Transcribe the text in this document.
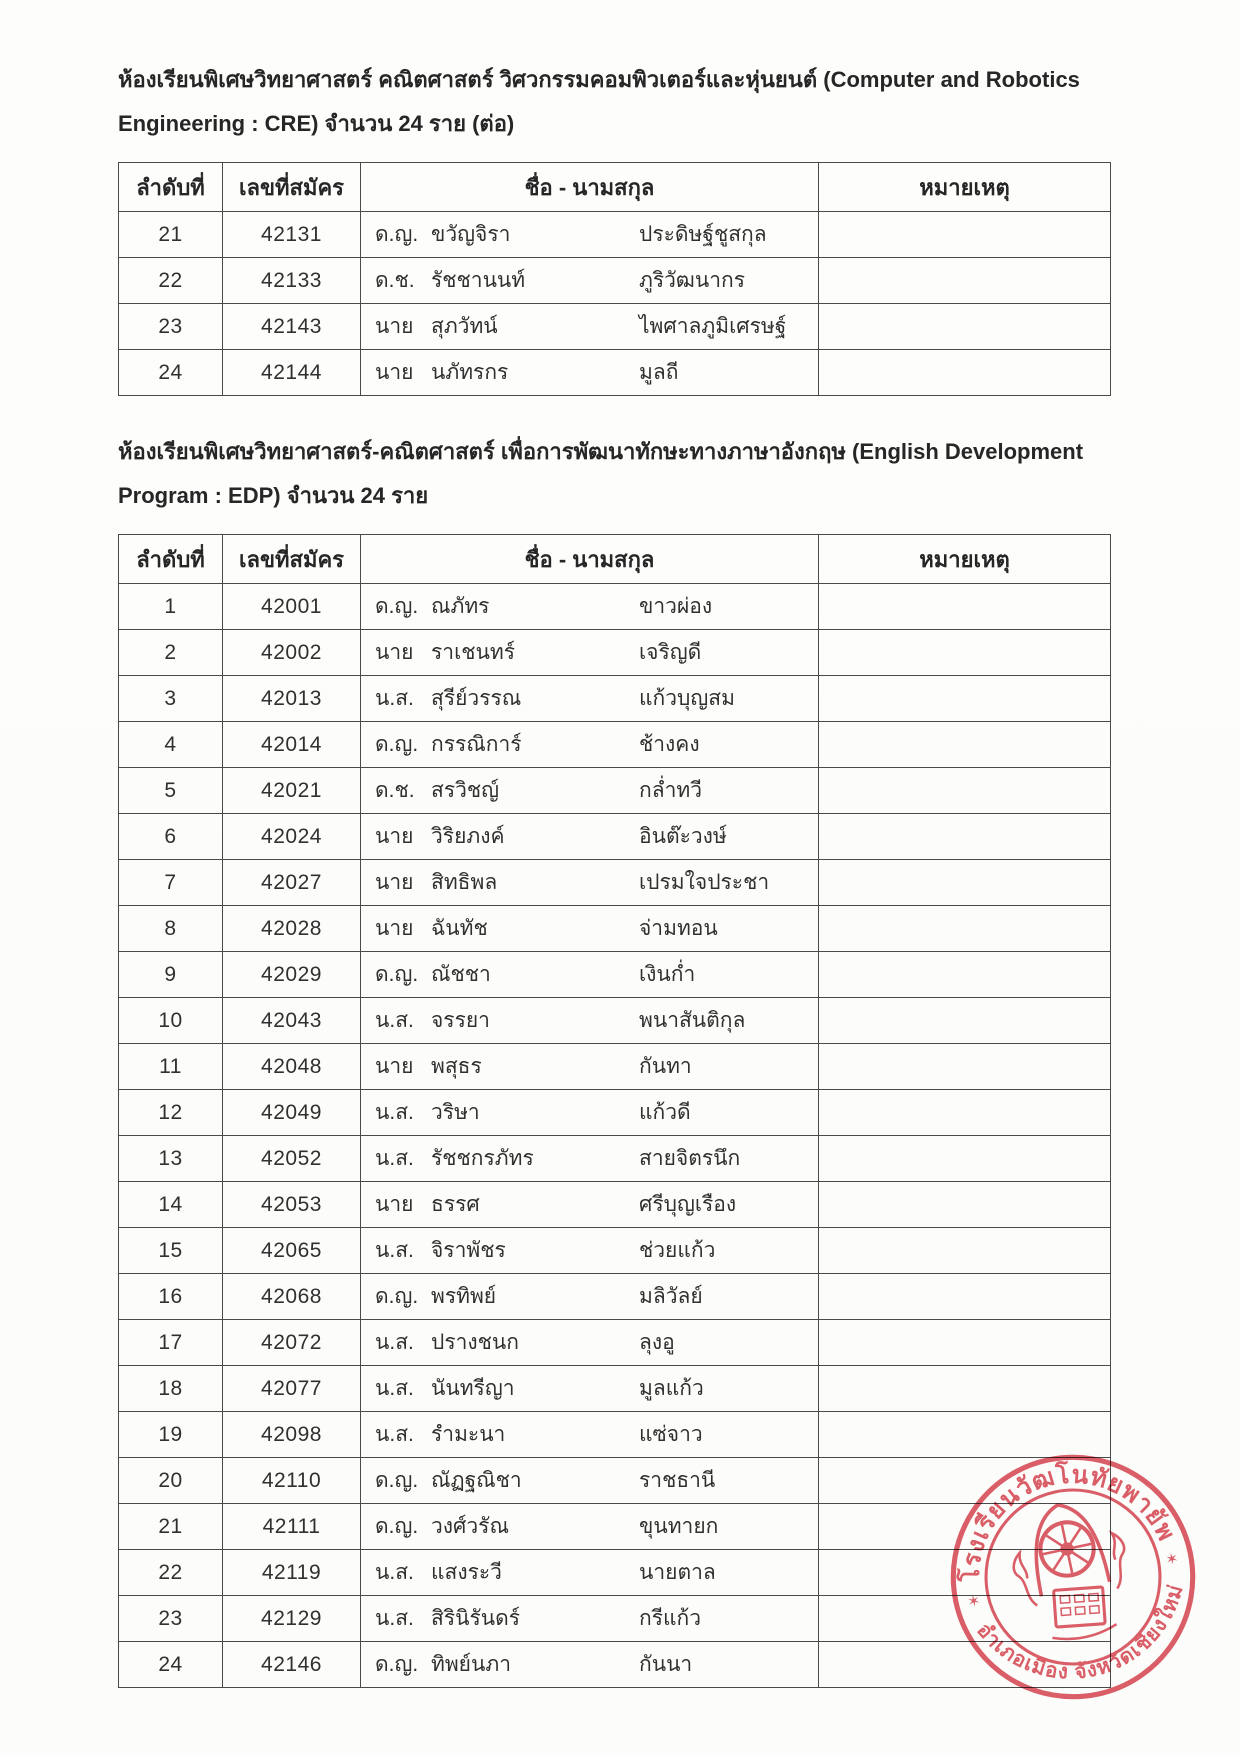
ห้องเรียนพิเศษวิทยาศาสตร์ คณิตศาสตร์ วิศวกรรมคอมพิวเตอร์และหุ่นยนต์ (Computer and Robotics
Engineering : CRE) จำนวน 24 ราย (ต่อ)
ลำดับที่	เลขที่สมัคร	ชื่อ - นามสกุล	หมายเหตุ
21	42131	ด.ญ. ขวัญจิรา ประดิษฐ์ชูสกุล	

22	42133	ด.ช. รัชชานนท์ ภูริวัฒนากร	

23	42143	นาย สุภวัทน์ ไพศาลภูมิเศรษฐ์	

24	42144	นาย นภัทรกร มูลถี	

ห้องเรียนพิเศษวิทยาศาสตร์-คณิตศาสตร์ เพื่อการพัฒนาทักษะทางภาษาอังกฤษ (English Development
Program : EDP) จำนวน 24 ราย
ลำดับที่	เลขที่สมัคร	ชื่อ - นามสกุล	หมายเหตุ
1	42001	ด.ญ. ณภัทร ขาวผ่อง	

2	42002	นาย ราเชนทร์ เจริญดี	

3	42013	น.ส. สุรีย์วรรณ แก้วบุญสม	

4	42014	ด.ญ. กรรณิการ์ ช้างคง	

5	42021	ด.ช. สรวิชญ์ กล่ำทวี	

6	42024	นาย วิริยภงค์ อินต๊ะวงษ์	

7	42027	นาย สิทธิพล เปรมใจประชา	

8	42028	นาย ฉันทัช จ่ามทอน	

9	42029	ด.ญ. ณัชชา เงินก่ำ	

10	42043	น.ส. จรรยา พนาสันติกุล	

11	42048	นาย พสุธร กันทา	

12	42049	น.ส. วริษา แก้วดี	

13	42052	น.ส. รัชชกรภัทร สายจิตรนึก	

14	42053	นาย ธรรศ ศรีบุญเรือง	

15	42065	น.ส. จิราพัชร ช่วยแก้ว	

16	42068	ด.ญ. พรทิพย์ มลิวัลย์	

17	42072	น.ส. ปรางชนก ลุงอู	

18	42077	น.ส. นันทรีญา มูลแก้ว	

19	42098	น.ส. รำมะนา แซ่จาว	

20	42110	ด.ญ. ณัฏฐณิชา ราชธานี	

21	42111	ด.ญ. วงศ์วรัณ ขุนทายก	

22	42119	น.ส. แสงระวี นายตาล	

23	42129	น.ส. สิรินิรันดร์ กรีแก้ว	

24	42146	ด.ญ. ทิพย์นภา กันนา	

โรงเรียนวัฒโนทัยพายัพ
อำเภอเมือง จังหวัดเชียงใหม่
✶
✶
